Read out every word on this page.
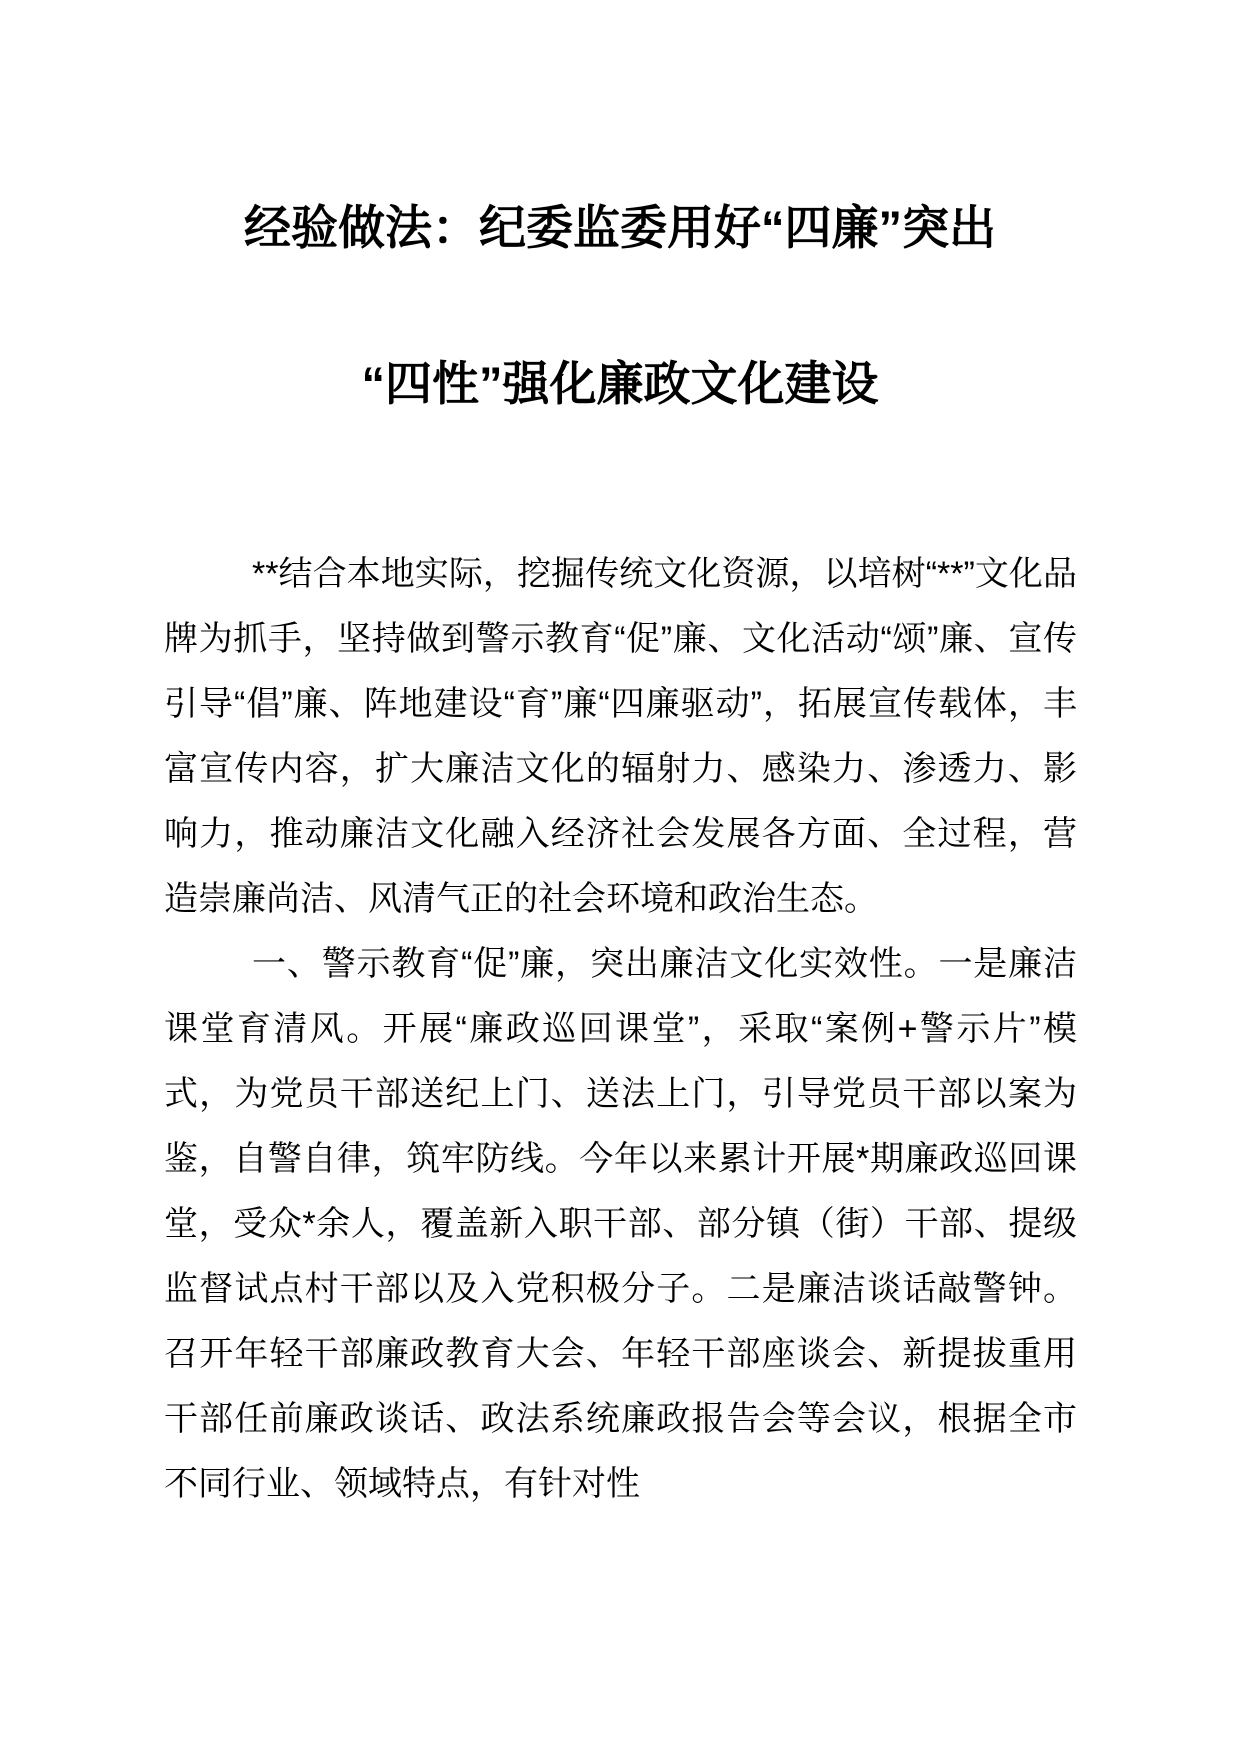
经验做法：纪委监委用好“四廉”突出
“四性”强化廉政文化建设

**结合本地实际，挖掘传统文化资源，以培树“**”文化品牌为抓手，坚持做到警示教育“促”廉、文化活动“颂”廉、宣传引导“倡”廉、阵地建设“育”廉“四廉驱动”，拓展宣传载体，丰富宣传内容，扩大廉洁文化的辐射力、感染力、渗透力、影响力，推动廉洁文化融入经济社会发展各方面、全过程，营造崇廉尚洁、风清气正的社会环境和政治生态。

一、警示教育“促”廉，突出廉洁文化实效性。一是廉洁课堂育清风。开展“廉政巡回课堂”，采取“案例+警示片”模式，为党员干部送纪上门、送法上门，引导党员干部以案为鉴，自警自律，筑牢防线。今年以来累计开展*期廉政巡回课堂，受众*余人，覆盖新入职干部、部分镇（街）干部、提级监督试点村干部以及入党积极分子。二是廉洁谈话敲警钟。召开年轻干部廉政教育大会、年轻干部座谈会、新提拔重用干部任前廉政谈话、政法系统廉政报告会等会议，根据全市不同行业、领域特点，有针对性
